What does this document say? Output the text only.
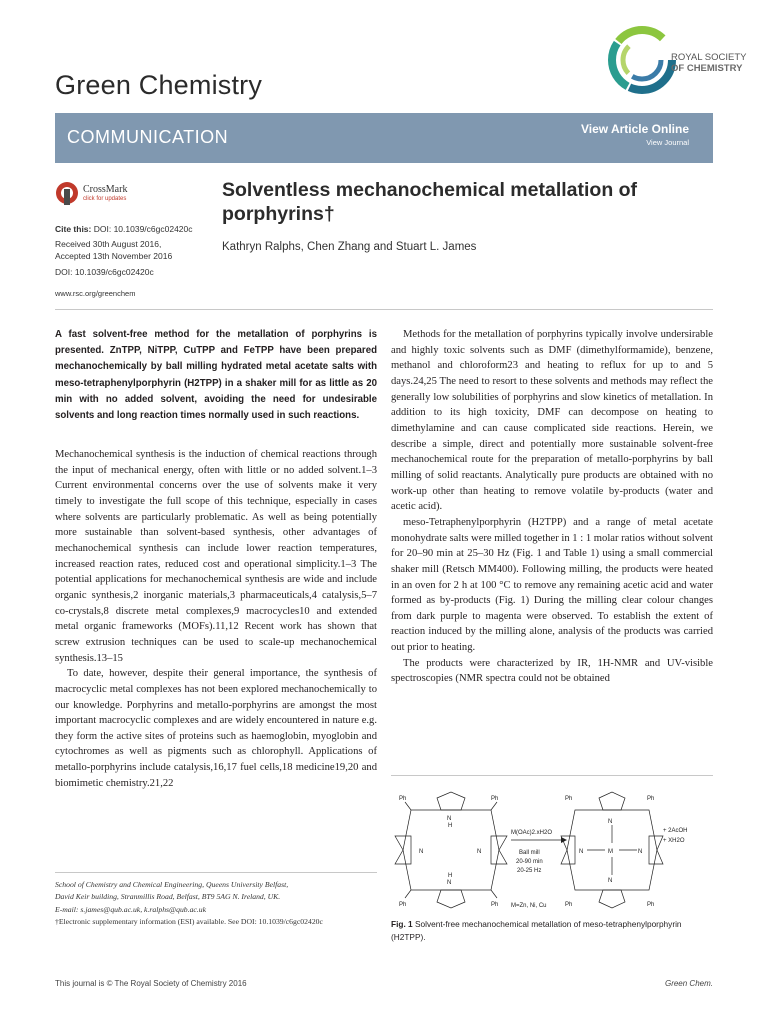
Green Chemistry
ROYAL SOCIETY
OF CHEMISTRY
COMMUNICATION	View Article Online
View Journal
CrossMark
click for updates
Cite this: DOI: 10.1039/c6gc02420c
Received 30th August 2016,
Accepted 13th November 2016
DOI: 10.1039/c6gc02420c
www.rsc.org/greenchem
Solventless mechanochemical metallation of porphyrins†
Kathryn Ralphs, Chen Zhang and Stuart L. James
A fast solvent-free method for the metallation of porphyrins is presented. ZnTPP, NiTPP, CuTPP and FeTPP have been prepared mechanochemically by ball milling hydrated metal acetate salts with meso-tetraphenylporphyrin (H2TPP) in a shaker mill for as little as 20 min with no added solvent, avoiding the need for undesirable solvents and long reaction times normally used in such reactions.

Mechanochemical synthesis is the induction of chemical reactions through the input of mechanical energy, often with little or no added solvent.1–3 Current environmental concerns over the use of solvents make it very timely to investigate the full scope of this technique, especially in cases where solvents are particularly problematic. As well as being potentially more sustainable than solvent-based synthesis, other advantages of mechanochemical synthesis can include lower reaction temperatures, increased reaction rates, reduced cost and operational simplicity.1–3 The potential applications for mechanochemical synthesis are wide and include organic synthesis,2 inorganic materials,3 pharmaceuticals,4 catalysis,5–7 co-crystals,8 discrete metal complexes,9 macrocycles10 and extended metal organic frameworks (MOFs).11,12 Recent work has shown that screw extrusion techniques can be used to scale-up mechanochemical synthesis.13–15

To date, however, despite their general importance, the synthesis of macrocyclic metal complexes has not been explored mechanochemically to our knowledge. Porphyrins and metallo-porphyrins are amongst the most important macrocyclic complexes and are widely encountered in nature e.g. they form the active sites of proteins such as haemoglobin, myoglobin and cytochromes as well as pigments such as chlorophyll. Applications of metallo-porphyrins include catalysis,16,17 fuel cells,18 medicine19,20 and biomimetic chemistry.21,22

Methods for the metallation of porphyrins typically involve undersirable and highly toxic solvents such as DMF (dimethylformamide), benzene, methanol and chloroform23 and heating to reflux for up to and 5 days.24,25 The need to resort to these solvents and methods may reflect the generally low solubilities of porphyrins and slow kinetics of metallation. In addition to its high toxicity, DMF can decompose on heating to dimethylamine and can cause complicated side reactions. Herein, we describe a simple, direct and potentially more sustainable solvent-free mechanochemical route for the preparation of metallo-porphyrins by ball milling of solid reactants. Analytically pure products are obtained with no work-up other than heating to remove volatile by-products (water and acetic acid).

meso-Tetraphenylporphyrin (H2TPP) and a range of metal acetate monohydrate salts were milled together in 1 : 1 molar ratios without solvent for 20–90 min at 25–30 Hz (Fig. 1 and Table 1) using a small commercial shaker mill (Retsch MM400). Following milling, the products were heated in an oven for 2 h at 100 °C to remove any remaining acetic acid and water formed as by-products (Fig. 1) During the milling clear colour changes from dark purple to magenta were observed. To establish the extent of reaction induced by the milling alone, analysis of the products was carried out prior to heating.

The products were characterized by IR, 1H-NMR and UV-visible spectroscopies (NMR spectra could not be obtained

School of Chemistry and Chemical Engineering, Queens University Belfast,
David Keir building, Stranmillis Road, Belfast, BT9 5AG N. Ireland, UK.
E-mail: s.james@qub.ac.uk, k.ralphs@qub.ac.uk
†Electronic supplementary information (ESI) available. See DOI: 10.1039/c6gc02420c
Ph	Ph
Ph	Ph
N
H
N
H
N	N
M(OAc)2.xH2O
Ball mill
20-90 min
20-25 Hz
Ph	Ph
Ph	Ph
N
N
N	N
M
+ 2AcOH
+ XH2O
M=Zn, Ni, Cu
Fig. 1 Solvent-free mechanochemical metallation of meso-tetraphenylporphyrin (H2TPP).
This journal is © The Royal Society of Chemistry 2016	Green Chem.
